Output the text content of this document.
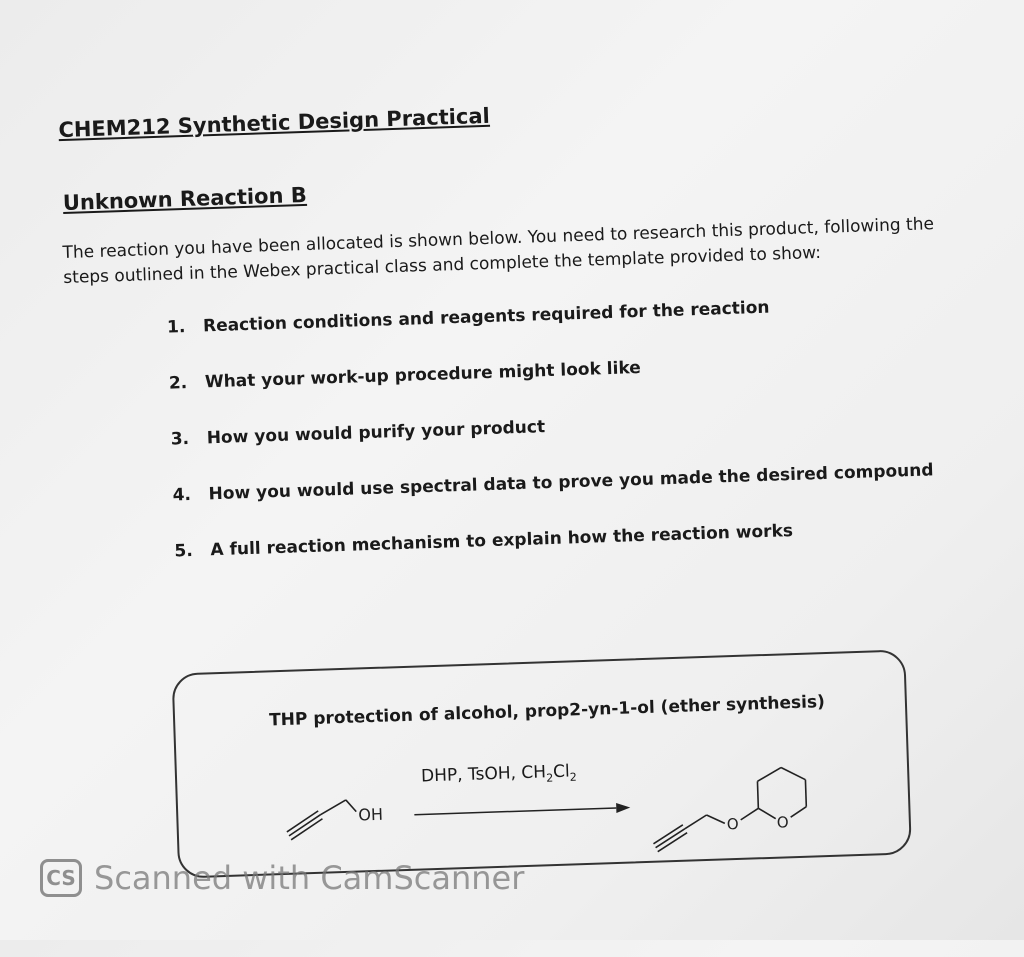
CHEM212 Synthetic Design Practical
Unknown Reaction B
The reaction you have been allocated is shown below. You need to research this product, following the steps outlined in the Webex practical class and complete the template provided to show:
1. Reaction conditions and reagents required for the reaction
2. What your work-up procedure might look like
3. How you would purify your product
4. How you would use spectral data to prove you made the desired compound
5. A full reaction mechanism to explain how the reaction works
THP protection of alcohol, prop2-yn-1-ol (ether synthesis)
DHP, TsOH, $CH_2Cl_2$
OH	O	O
CS Scanned with CamScanner
